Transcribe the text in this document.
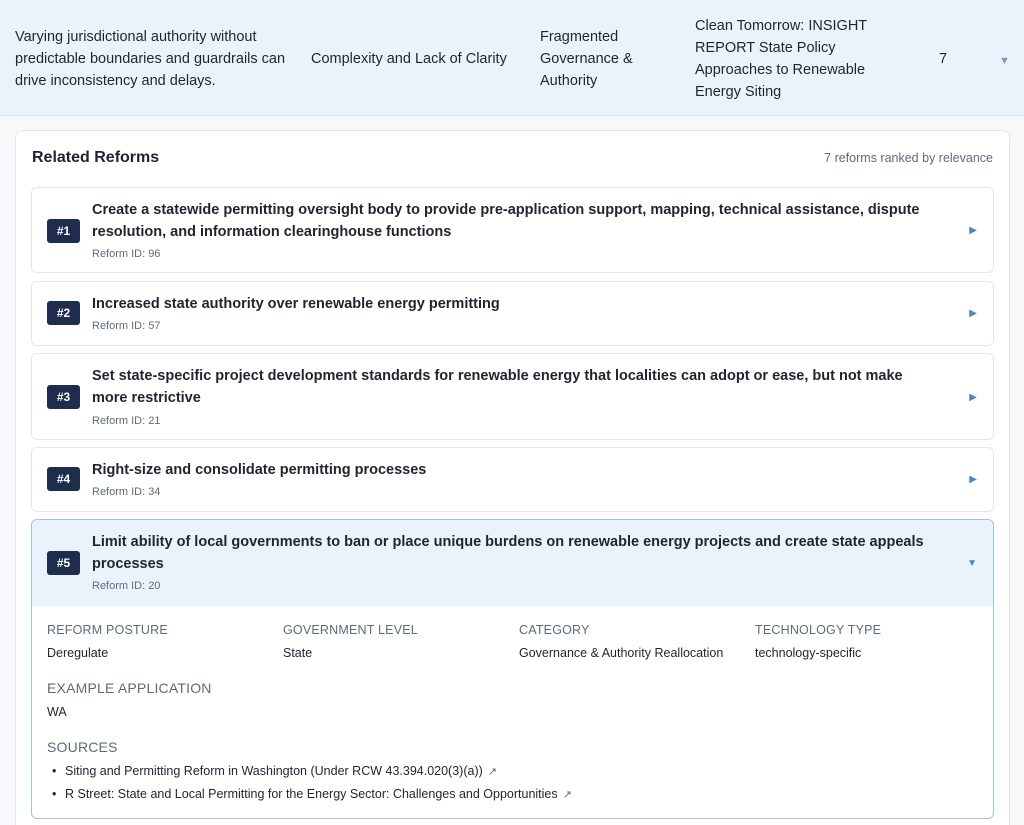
Varying jurisdictional authority without predictable boundaries and guardrails can drive inconsistency and delays.
Complexity and Lack of Clarity
Fragmented Governance & Authority
Clean Tomorrow: INSIGHT REPORT State Policy Approaches to Renewable Energy Siting
7	▼
Related Reforms	7 reforms ranked by relevance
#1
Create a statewide permitting oversight body to provide pre-application support, mapping, technical assistance, dispute resolution, and information clearinghouse functions
Reform ID: 96
▶
#2
Increased state authority over renewable energy permitting
Reform ID: 57
▶
#3
Set state-specific project development standards for renewable energy that localities can adopt or ease, but not make more restrictive
Reform ID: 21
▶
#4
Right-size and consolidate permitting processes
Reform ID: 34
▶
#5
Limit ability of local governments to ban or place unique burdens on renewable energy projects and create state appeals processes
Reform ID: 20
▼
REFORM POSTURE
Deregulate
GOVERNMENT LEVEL
State
CATEGORY
Governance & Authority Reallocation
TECHNOLOGY TYPE
technology-specific
EXAMPLE APPLICATION
WA
SOURCES
• Siting and Permitting Reform in Washington (Under RCW 43.394.020(3)(a)) ↗
• R Street: State and Local Permitting for the Energy Sector: Challenges and Opportunities ↗
